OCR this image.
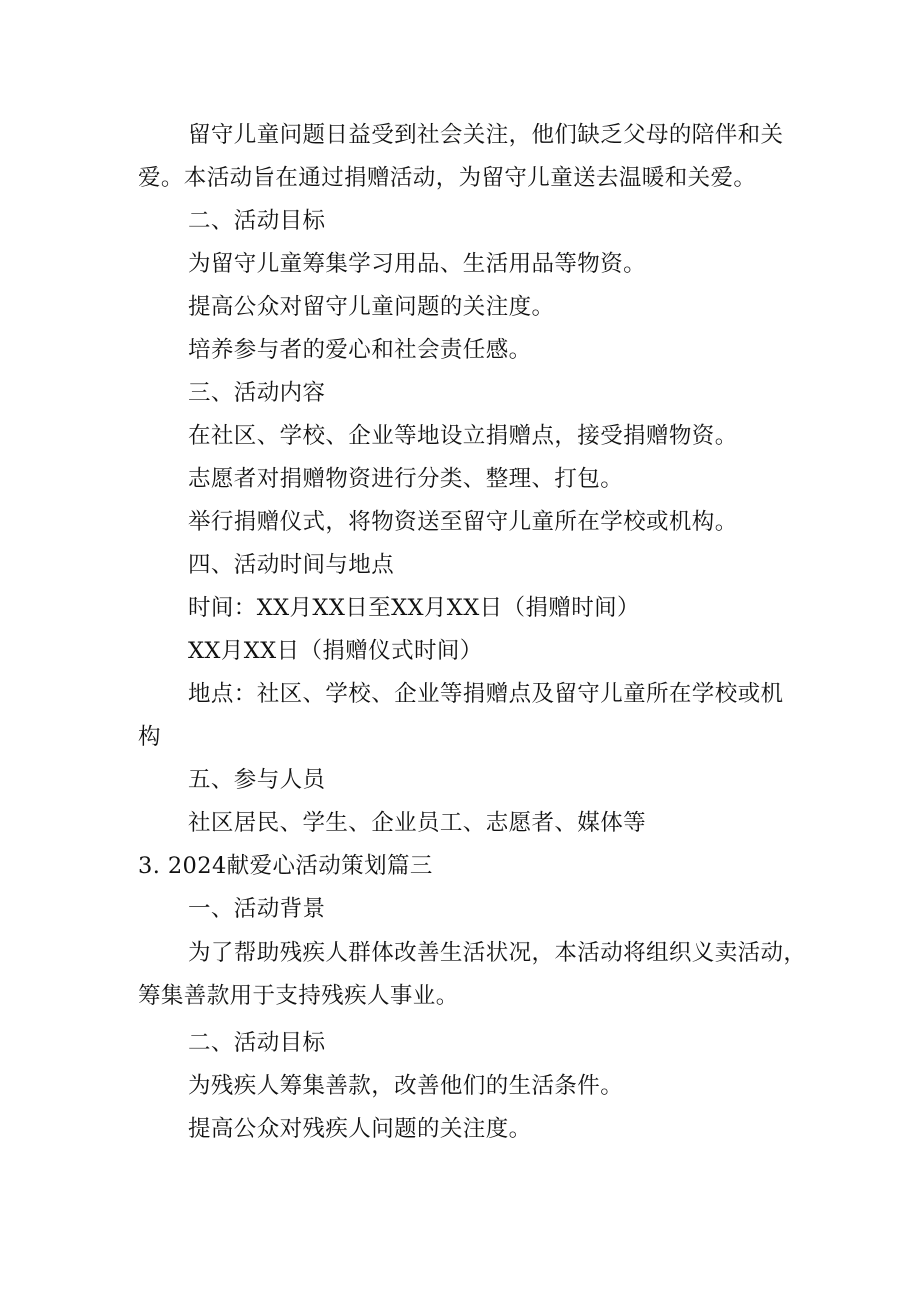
留守儿童问题日益受到社会关注，他们缺乏父母的陪伴和关
爱。本活动旨在通过捐赠活动，为留守儿童送去温暖和关爱。
二、活动目标
为留守儿童筹集学习用品、生活用品等物资。
提高公众对留守儿童问题的关注度。
培养参与者的爱心和社会责任感。
三、活动内容
在社区、学校、企业等地设立捐赠点，接受捐赠物资。
志愿者对捐赠物资进行分类、整理、打包。
举行捐赠仪式，将物资送至留守儿童所在学校或机构。
四、活动时间与地点
时间：XX月XX日至XX月XX日（捐赠时间）
XX月XX日（捐赠仪式时间）
地点：社区、学校、企业等捐赠点及留守儿童所在学校或机
构
五、参与人员
社区居民、学生、企业员工、志愿者、媒体等
3. 2024献爱心活动策划篇三
一、活动背景
为了帮助残疾人群体改善生活状况，本活动将组织义卖活动，
筹集善款用于支持残疾人事业。
二、活动目标
为残疾人筹集善款，改善他们的生活条件。
提高公众对残疾人问题的关注度。
